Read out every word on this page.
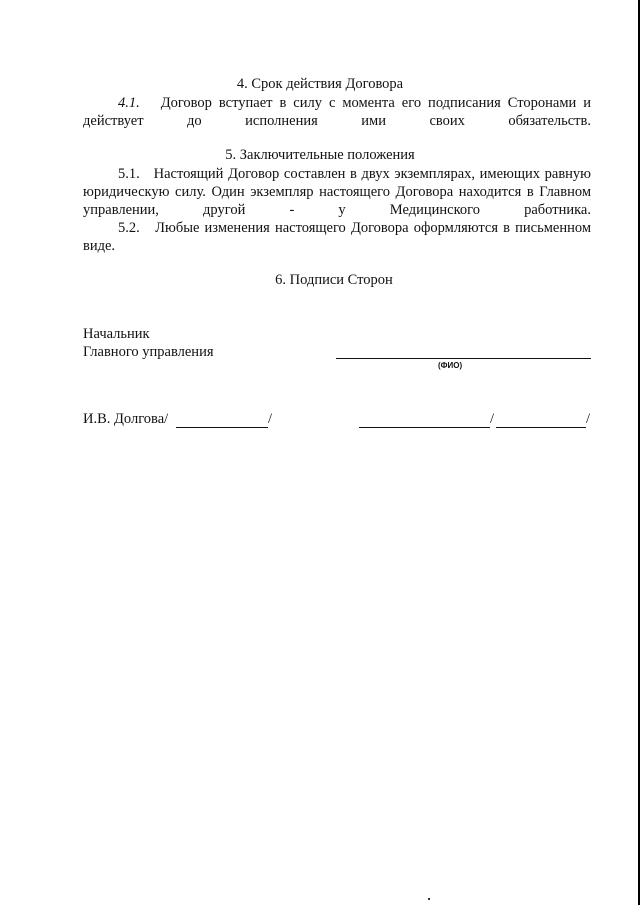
4. Срок действия Договора
4.1. Договор вступает в силу с момента его подписания Сторонами и действует до исполнения ими своих обязательств.
5. Заключительные положения
5.1. Настоящий Договор составлен в двух экземплярах, имеющих равную юридическую силу. Один экземпляр настоящего Договора находится в Главном управлении, другой - у Медицинского работника.
5.2. Любые изменения настоящего Договора оформляются в письменном виде.
6. Подписи Сторон
Начальник
Главного управления
(ФИО)
И.В. Долгова/	/	/	/
